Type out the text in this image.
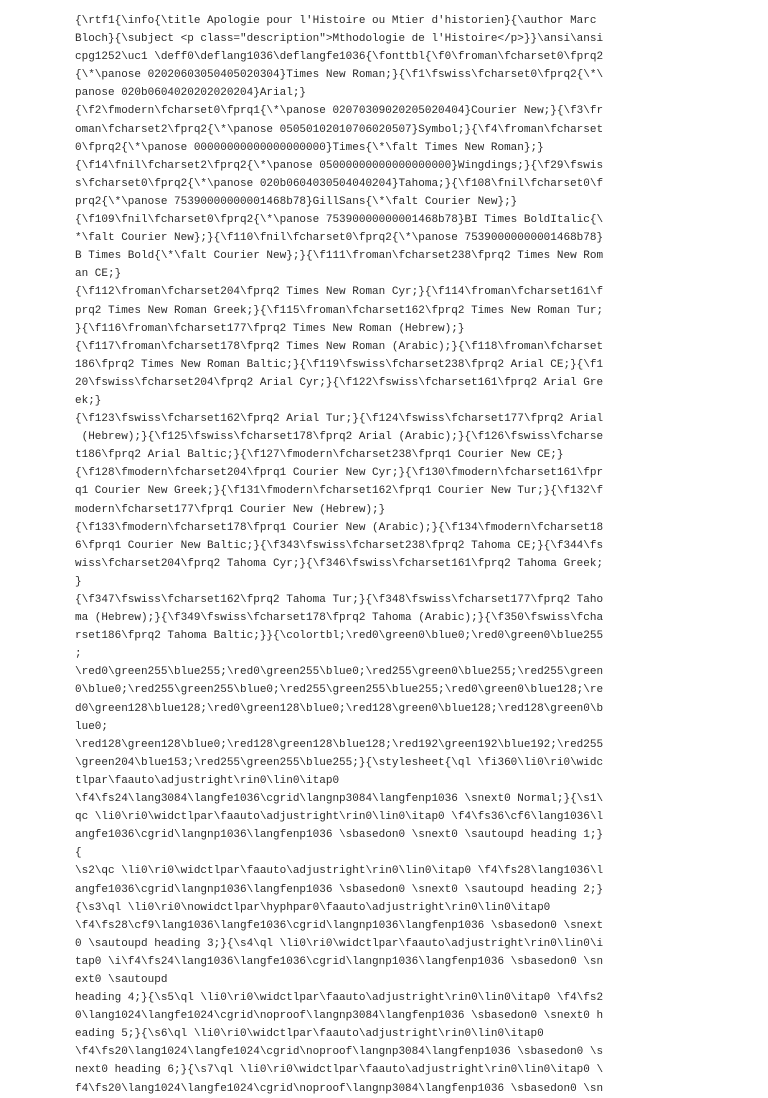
{\rtf1{\info{\title Apologie pour l'Histoire ou Mtier d'historien}{\author Marc
Bloch}{\subject <p class="description">Mthodologie de l'Histoire</p>}}\ansi\ansi
cpg1252\uc1 \deff0\deflang1036\deflangfe1036{\fonttbl{\f0\froman\fcharset0\fprq2
{\*\panose 02020603050405020304}Times New Roman;}{\f1\fswiss\fcharset0\fprq2{\*\
panose 020b0604020202020204}Arial;}
{\f2\fmodern\fcharset0\fprq1{\*\panose 02070309020205020404}Courier New;}{\f3\fr
oman\fcharset2\fprq2{\*\panose 05050102010706020507}Symbol;}{\f4\froman\fcharset
0\fprq2{\*\panose 00000000000000000000}Times{\*\falt Times New Roman};}
{\f14\fnil\fcharset2\fprq2{\*\panose 05000000000000000000}Wingdings;}{\f29\fswis
s\fcharset0\fprq2{\*\panose 020b0604030504040204}Tahoma;}{\f108\fnil\fcharset0\f
prq2{\*\panose 75390000000001468b78}GillSans{\*\falt Courier New};}
{\f109\fnil\fcharset0\fprq2{\*\panose 75390000000001468b78}BI Times BoldItalic{\
*\falt Courier New};}{\f110\fnil\fcharset0\fprq2{\*\panose 75390000000001468b78}
B Times Bold{\*\falt Courier New};}{\f111\froman\fcharset238\fprq2 Times New Rom
an CE;}
{\f112\froman\fcharset204\fprq2 Times New Roman Cyr;}{\f114\froman\fcharset161\f
prq2 Times New Roman Greek;}{\f115\froman\fcharset162\fprq2 Times New Roman Tur;
}{\f116\froman\fcharset177\fprq2 Times New Roman (Hebrew);}
{\f117\froman\fcharset178\fprq2 Times New Roman (Arabic);}{\f118\froman\fcharset
186\fprq2 Times New Roman Baltic;}{\f119\fswiss\fcharset238\fprq2 Arial CE;}{\f1
20\fswiss\fcharset204\fprq2 Arial Cyr;}{\f122\fswiss\fcharset161\fprq2 Arial Gre
ek;}
{\f123\fswiss\fcharset162\fprq2 Arial Tur;}{\f124\fswiss\fcharset177\fprq2 Arial
(Hebrew);}{\f125\fswiss\fcharset178\fprq2 Arial (Arabic);}{\f126\fswiss\fcharse
t186\fprq2 Arial Baltic;}{\f127\fmodern\fcharset238\fprq1 Courier New CE;}
{\f128\fmodern\fcharset204\fprq1 Courier New Cyr;}{\f130\fmodern\fcharset161\fpr
q1 Courier New Greek;}{\f131\fmodern\fcharset162\fprq1 Courier New Tur;}{\f132\f
modern\fcharset177\fprq1 Courier New (Hebrew);}
{\f133\fmodern\fcharset178\fprq1 Courier New (Arabic);}{\f134\fmodern\fcharset18
6\fprq1 Courier New Baltic;}{\f343\fswiss\fcharset238\fprq2 Tahoma CE;}{\f344\fs
wiss\fcharset204\fprq2 Tahoma Cyr;}{\f346\fswiss\fcharset161\fprq2 Tahoma Greek;
}
{\f347\fswiss\fcharset162\fprq2 Tahoma Tur;}{\f348\fswiss\fcharset177\fprq2 Taho
ma (Hebrew);}{\f349\fswiss\fcharset178\fprq2 Tahoma (Arabic);}{\f350\fswiss\fcha
rset186\fprq2 Tahoma Baltic;}}{\colortbl;\red0\green0\blue0;\red0\green0\blue255
;
\red0\green255\blue255;\red0\green255\blue0;\red255\green0\blue255;\red255\green
0\blue0;\red255\green255\blue0;\red255\green255\blue255;\red0\green0\blue128;\re
d0\green128\blue128;\red0\green128\blue0;\red128\green0\blue128;\red128\green0\b
lue0;
\red128\green128\blue0;\red128\green128\blue128;\red192\green192\blue192;\red255
\green204\blue153;\red255\green255\blue255;}{\stylesheet{\ql \fi360\li0\ri0\widc
tlpar\faauto\adjustright\rin0\lin0\itap0
\f4\fs24\lang3084\langfe1036\cgrid\langnp3084\langfenp1036 \snext0 Normal;}{\s1\
qc \li0\ri0\widctlpar\faauto\adjustright\rin0\lin0\itap0 \f4\fs36\cf6\lang1036\l
angfe1036\cgrid\langnp1036\langfenp1036 \sbasedon0 \snext0 \sautoupd heading 1;}
{
\s2\qc \li0\ri0\widctlpar\faauto\adjustright\rin0\lin0\itap0 \f4\fs28\lang1036\l
angfe1036\cgrid\langnp1036\langfenp1036 \sbasedon0 \snext0 \sautoupd heading 2;}
{\s3\ql \li0\ri0\nowidctlpar\hyphpar0\faauto\adjustright\rin0\lin0\itap0
\f4\fs28\cf9\lang1036\langfe1036\cgrid\langnp1036\langfenp1036 \sbasedon0 \snext
0 \sautoupd heading 3;}{\s4\ql \li0\ri0\widctlpar\faauto\adjustright\rin0\lin0\i
tap0 \i\f4\fs24\lang1036\langfe1036\cgrid\langnp1036\langfenp1036 \sbasedon0 \sn
ext0 \sautoupd
heading 4;}{\s5\ql \li0\ri0\widctlpar\faauto\adjustright\rin0\lin0\itap0 \f4\fs2
0\lang1024\langfe1024\cgrid\noproof\langnp3084\langfenp1036 \sbasedon0 \snext0 h
eading 5;}{\s6\ql \li0\ri0\widctlpar\faauto\adjustright\rin0\lin0\itap0
\f4\fs20\lang1024\langfe1024\cgrid\noproof\langnp3084\langfenp1036 \sbasedon0 \s
next0 heading 6;}{\s7\ql \li0\ri0\widctlpar\faauto\adjustright\rin0\lin0\itap0 \
f4\fs20\lang1024\langfe1024\cgrid\noproof\langnp3084\langfenp1036 \sbasedon0 \sn
